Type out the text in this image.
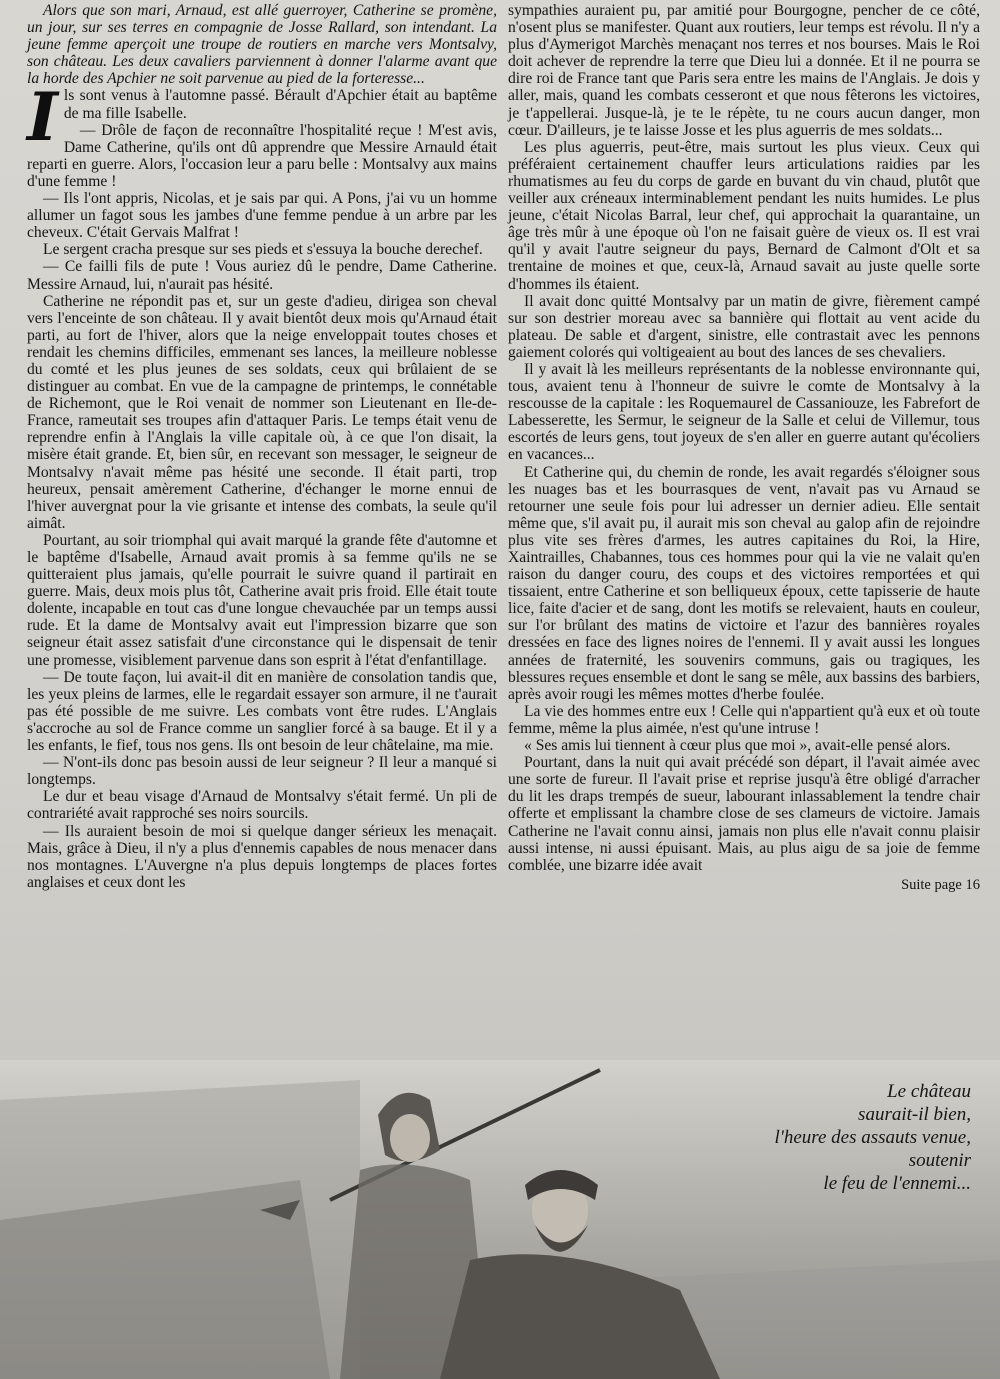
Alors que son mari, Arnaud, est allé guerroyer, Catherine se promène, un jour, sur ses terres en compagnie de Josse Rallard, son intendant. La jeune femme aperçoit une troupe de routiers en marche vers Montsalvy, son château. Les deux cavaliers parviennent à donner l'alarme avant que la horde des Apchier ne soit parvenue au pied de la forteresse...

Ils sont venus à l'automne passé. Bérault d'Apchier était au baptême de ma fille Isabelle.

— Drôle de façon de reconnaître l'hospitalité reçue ! M'est avis, Dame Catherine, qu'ils ont dû apprendre que Messire Arnauld était reparti en guerre. Alors, l'occasion leur a paru belle : Montsalvy aux mains d'une femme !

— Ils l'ont appris, Nicolas, et je sais par qui. A Pons, j'ai vu un homme allumer un fagot sous les jambes d'une femme pendue à un arbre par les cheveux. C'était Gervais Malfrat !

Le sergent cracha presque sur ses pieds et s'essuya la bouche derechef.

— Ce failli fils de pute ! Vous auriez dû le pendre, Dame Catherine. Messire Arnaud, lui, n'aurait pas hésité.

Catherine ne répondit pas et, sur un geste d'adieu, dirigea son cheval vers l'enceinte de son château. Il y avait bientôt deux mois qu'Arnaud était parti, au fort de l'hiver, alors que la neige enveloppait toutes choses et rendait les chemins difficiles, emmenant ses lances, la meilleure noblesse du comté et les plus jeunes de ses soldats, ceux qui brûlaient de se distinguer au combat. En vue de la campagne de printemps, le connétable de Richemont, que le Roi venait de nommer son Lieutenant en Ile-de-France, rameutait ses troupes afin d'attaquer Paris. Le temps était venu de reprendre enfin à l'Anglais la ville capitale où, à ce que l'on disait, la misère était grande. Et, bien sûr, en recevant son messager, le seigneur de Montsalvy n'avait même pas hésité une seconde. Il était parti, trop heureux, pensait amèrement Catherine, d'échanger le morne ennui de l'hiver auvergnat pour la vie grisante et intense des combats, la seule qu'il aimât.

Pourtant, au soir triomphal qui avait marqué la grande fête d'automne et le baptême d'Isabelle, Arnaud avait promis à sa femme qu'ils ne se quitteraient plus jamais, qu'elle pourrait le suivre quand il partirait en guerre. Mais, deux mois plus tôt, Catherine avait pris froid. Elle était toute dolente, incapable en tout cas d'une longue chevauchée par un temps aussi rude. Et la dame de Montsalvy avait eut l'impression bizarre que son seigneur était assez satisfait d'une circonstance qui le dispensait de tenir une promesse, visiblement parvenue dans son esprit à l'état d'enfantillage.

— De toute façon, lui avait-il dit en manière de consolation tandis que, les yeux pleins de larmes, elle le regardait essayer son armure, il ne t'aurait pas été possible de me suivre. Les combats vont être rudes. L'Anglais s'accroche au sol de France comme un sanglier forcé à sa bauge. Et il y a les enfants, le fief, tous nos gens. Ils ont besoin de leur châtelaine, ma mie.

— N'ont-ils donc pas besoin aussi de leur seigneur ? Il leur a manqué si longtemps.

Le dur et beau visage d'Arnaud de Montsalvy s'était fermé. Un pli de contrariété avait rapproché ses noirs sourcils.

— Ils auraient besoin de moi si quelque danger sérieux les menaçait. Mais, grâce à Dieu, il n'y a plus d'ennemis capables de nous menacer dans nos montagnes. L'Auvergne n'a plus depuis longtemps de places fortes anglaises et ceux dont les

sympathies auraient pu, par amitié pour Bourgogne, pencher de ce côté, n'osent plus se manifester. Quant aux routiers, leur temps est révolu. Il n'y a plus d'Aymerigot Marchès menaçant nos terres et nos bourses. Mais le Roi doit achever de reprendre la terre que Dieu lui a donnée. Et il ne pourra se dire roi de France tant que Paris sera entre les mains de l'Anglais. Je dois y aller, mais, quand les combats cesseront et que nous fêterons les victoires, je t'appellerai. Jusque-là, je te le répète, tu ne cours aucun danger, mon cœur. D'ailleurs, je te laisse Josse et les plus aguerris de mes soldats...

Les plus aguerris, peut-être, mais surtout les plus vieux. Ceux qui préféraient certainement chauffer leurs articulations raidies par les rhumatismes au feu du corps de garde en buvant du vin chaud, plutôt que veiller aux créneaux interminablement pendant les nuits humides. Le plus jeune, c'était Nicolas Barral, leur chef, qui approchait la quarantaine, un âge très mûr à une époque où l'on ne faisait guère de vieux os. Il est vrai qu'il y avait l'autre seigneur du pays, Bernard de Calmont d'Olt et sa trentaine de moines et que, ceux-là, Arnaud savait au juste quelle sorte d'hommes ils étaient.

Il avait donc quitté Montsalvy par un matin de givre, fièrement campé sur son destrier moreau avec sa bannière qui flottait au vent acide du plateau. De sable et d'argent, sinistre, elle contrastait avec les pennons gaiement colorés qui voltigeaient au bout des lances de ses chevaliers.

Il y avait là les meilleurs représentants de la noblesse environnante qui, tous, avaient tenu à l'honneur de suivre le comte de Montsalvy à la rescousse de la capitale : les Roquemaurel de Cassaniouze, les Fabrefort de Labesserette, les Sermur, le seigneur de la Salle et celui de Villemur, tous escortés de leurs gens, tout joyeux de s'en aller en guerre autant qu'écoliers en vacances...

Et Catherine qui, du chemin de ronde, les avait regardés s'éloigner sous les nuages bas et les bourrasques de vent, n'avait pas vu Arnaud se retourner une seule fois pour lui adresser un dernier adieu. Elle sentait même que, s'il avait pu, il aurait mis son cheval au galop afin de rejoindre plus vite ses frères d'armes, les autres capitaines du Roi, la Hire, Xaintrailles, Chabannes, tous ces hommes pour qui la vie ne valait qu'en raison du danger couru, des coups et des victoires remportées et qui tissaient, entre Catherine et son belliqueux époux, cette tapisserie de haute lice, faite d'acier et de sang, dont les motifs se relevaient, hauts en couleur, sur l'or brûlant des matins de victoire et l'azur des bannières royales dressées en face des lignes noires de l'ennemi. Il y avait aussi les longues années de fraternité, les souvenirs communs, gais ou tragiques, les blessures reçues ensemble et dont le sang se mêle, aux bassins des barbiers, après avoir rougi les mêmes mottes d'herbe foulée.

La vie des hommes entre eux ! Celle qui n'appartient qu'à eux et où toute femme, même la plus aimée, n'est qu'une intruse !

« Ses amis lui tiennent à cœur plus que moi », avait-elle pensé alors.

Pourtant, dans la nuit qui avait précédé son départ, il l'avait aimée avec une sorte de fureur. Il l'avait prise et reprise jusqu'à être obligé d'arracher du lit les draps trempés de sueur, labourant inlassablement la tendre chair offerte et emplissant la chambre close de ses clameurs de victoire. Jamais Catherine ne l'avait connu ainsi, jamais non plus elle n'avait connu plaisir aussi intense, ni aussi épuisant. Mais, au plus aigu de sa joie de femme comblée, une bizarre idée avait

Suite page 16
Le château
saurait-il bien,
l'heure des assauts venue,
soutenir
le feu de l'ennemi...
